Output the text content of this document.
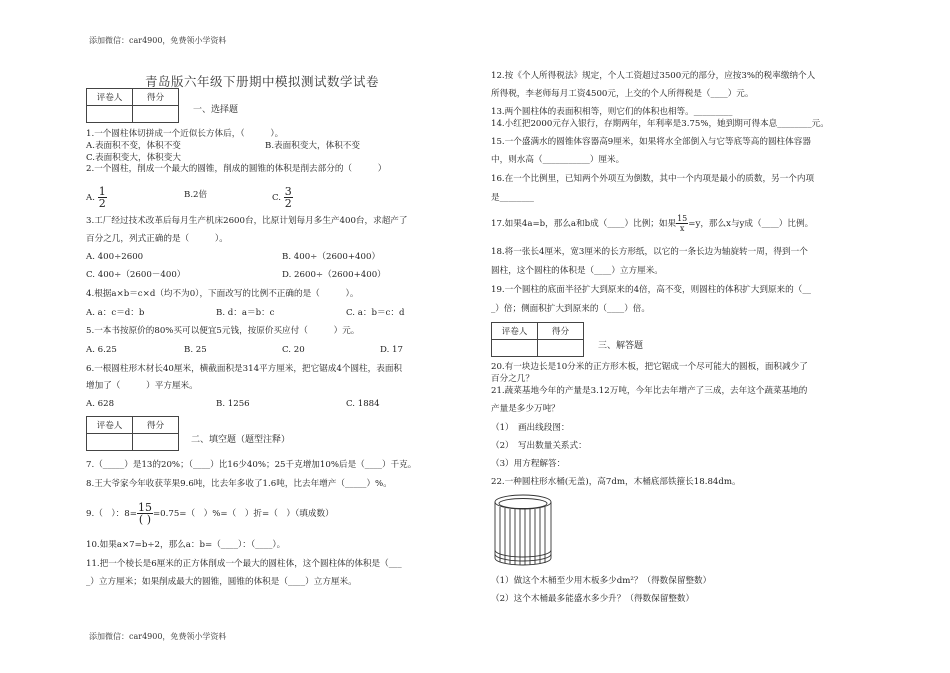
添加微信：car4900，免费领小学资料
添加微信：car4900，免费领小学资料
青岛版六年级下册期中模拟测试数学试卷
评卷人	得分

一、选择题
1.一个圆柱体切拼成一个近似长方体后，（　　　）。
A.表面积不变，体积不变	B.表面积变大，体积不变
C.表面积变大，体积变大
2.一个圆柱，削成一个最大的圆锥，削成的圆锥的体积是削去部分的（　　　）
A. $\frac{1}{2}$	B.2倍	C. $\frac{3}{2}$
3.工厂经过技术改革后每月生产机床2600台，比原计划每月多生产400台，求超产了
百分之几，列式正确的是（　　　）。
A. 400÷2600	B. 400÷（2600+400）
C. 400÷（2600－400）	D. 2600÷（2600+400）
4.根据a×b＝c×d（均不为0），下面改写的比例不正确的是（　　　）。
A. a：c＝d：b	B. d：a＝b：c	C. a：b＝c：d
5.一本书按原价的80%买可以便宜5元钱，按原价买应付（　　　）元。
A. 6.25	B. 25	C. 20	D. 17
6.一根圆柱形木材长40厘米，横截面积是314平方厘米，把它锯成4个圆柱，表面积
增加了（　　　）平方厘米。
A. 628	B. 1256	C. 1884
评卷人	得分

二、填空题（题型注释）
7.（_____）是13的20%；（____）比16少40%；25千克增加10%后是（____）千克。
8.王大爷家今年收获苹果9.6吨，比去年多收了1.6吨，比去年增产（_____）%。
9.（　）：$8= \frac{15}{( )} =0.75=$（　）%=（　）折=（　）（填成数）
10.如果a×7=b÷2，那么a：b=（____）：（____）。
11.把一个棱长是6厘米的正方体削成一个最大的圆柱体，这个圆柱体的体积是（___
_）立方厘米；如果削成最大的圆锥，圆锥的体积是（____）立方厘米。
12.按《个人所得税法》规定，个人工资超过3500元的部分，应按3%的税率缴纳个人
所得税，李老师每月工资4500元，上交的个人所得税是（____）元。
13.两个圆柱体的表面积相等，则它们的体积也相等。_________
14.小红把2000元存入银行，存期两年，年利率是3.75%，她到期可得本息________元。
15.一个盛满水的圆锥体容器高9厘米，如果将水全部倒入与它等底等高的圆柱体容器
中，则水高（___________）厘米。
16.在一个比例里，已知两个外项互为倒数，其中一个内项是最小的质数，另一个内项
是________
17.如果4a=b，那么a和b成（____）比例；如果 $\frac{15}{x} =y$，那么x与y成（____）比例。
18.将一张长4厘米，宽3厘米的长方形纸，以它的一条长边为轴旋转一周，得到一个
圆柱，这个圆柱的体积是（____）立方厘米。
19.一个圆柱的底面半径扩大到原来的4倍，高不变，则圆柱的体积扩大到原来的（__
_）倍；侧面积扩大到原来的（____）倍。
评卷人	得分

三、解答题
20.有一块边长是10分米的正方形木板，把它锯成一个尽可能大的圆板，面积减少了
百分之几？
21.蔬菜基地今年的产量是3.12万吨，今年比去年增产了三成，去年这个蔬菜基地的
产量是多少万吨？
（1）　画出线段图：
（2）　写出数量关系式：
（3）用方程解答：
22.一种圆柱形水桶(无盖)，高7dm，木桶底部铁箍长18.84dm。
（1）做这个木桶至少用木板多少dm²？（得数保留整数）
（2）这个木桶最多能盛水多少升？（得数保留整数）
